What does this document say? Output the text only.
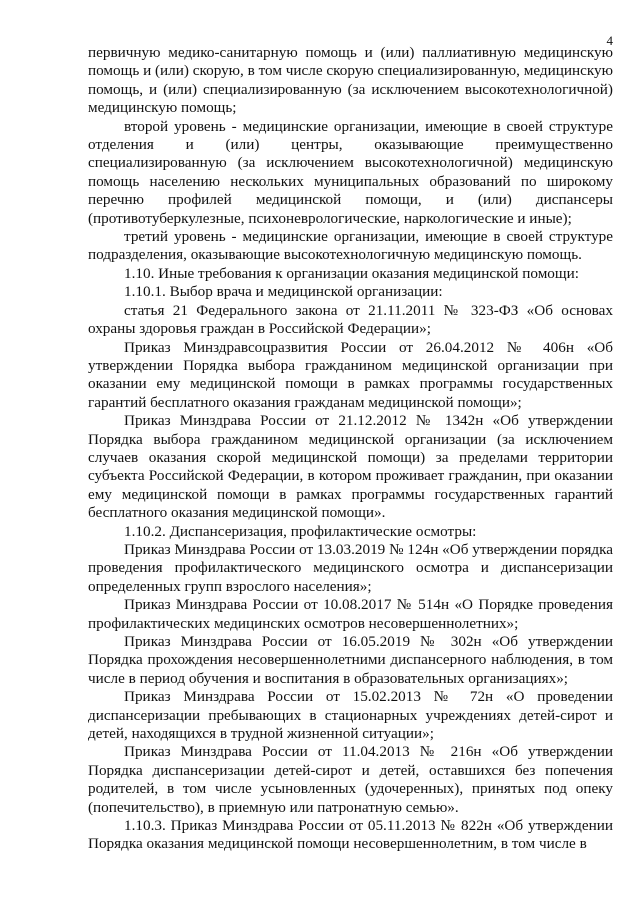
4

первичную медико-санитарную помощь и (или) паллиативную медицинскую помощь и (или) скорую, в том числе скорую специализированную, медицинскую помощь, и (или) специализированную (за исключением высокотехнологичной) медицинскую помощь;

второй уровень - медицинские организации, имеющие в своей структуре отделения и (или) центры, оказывающие преимущественно специализированную (за исключением высокотехнологичной) медицинскую помощь населению нескольких муниципальных образований по широкому перечню профилей медицинской помощи, и (или) диспансеры (противотуберкулезные, психоневрологические, наркологические и иные);

третий уровень - медицинские организации, имеющие в своей структуре подразделения, оказывающие высокотехнологичную медицинскую помощь.

1.10. Иные требования к организации оказания медицинской помощи:

1.10.1. Выбор врача и медицинской организации:

статья 21 Федерального закона от 21.11.2011 № 323-ФЗ «Об основах охраны здоровья граждан в Российской Федерации»;

Приказ Минздравсоцразвития России от 26.04.2012 № 406н «Об утверждении Порядка выбора гражданином медицинской организации при оказании ему медицинской помощи в рамках программы государственных гарантий бесплатного оказания гражданам медицинской помощи»;

Приказ Минздрава России от 21.12.2012 № 1342н «Об утверждении Порядка выбора гражданином медицинской организации (за исключением случаев оказания скорой медицинской помощи) за пределами территории субъекта Российской Федерации, в котором проживает гражданин, при оказании ему медицинской помощи в рамках программы государственных гарантий бесплатного оказания медицинской помощи».

1.10.2. Диспансеризация, профилактические осмотры:

Приказ Минздрава России от 13.03.2019 № 124н «Об утверждении порядка проведения профилактического медицинского осмотра и диспансеризации определенных групп взрослого населения»;

Приказ Минздрава России от 10.08.2017 № 514н «О Порядке проведения профилактических медицинских осмотров несовершеннолетних»;

Приказ Минздрава России от 16.05.2019 № 302н «Об утверждении Порядка прохождения несовершеннолетними диспансерного наблюдения, в том числе в период обучения и воспитания в образовательных организациях»;

Приказ Минздрава России от 15.02.2013 № 72н «О проведении диспансеризации пребывающих в стационарных учреждениях детей-сирот и детей, находящихся в трудной жизненной ситуации»;

Приказ Минздрава России от 11.04.2013 № 216н «Об утверждении Порядка диспансеризации детей-сирот и детей, оставшихся без попечения родителей, в том числе усыновленных (удочеренных), принятых под опеку (попечительство), в приемную или патронатную семью».

1.10.3. Приказ Минздрава России от 05.11.2013 № 822н «Об утверждении Порядка оказания медицинской помощи несовершеннолетним, в том числе в
